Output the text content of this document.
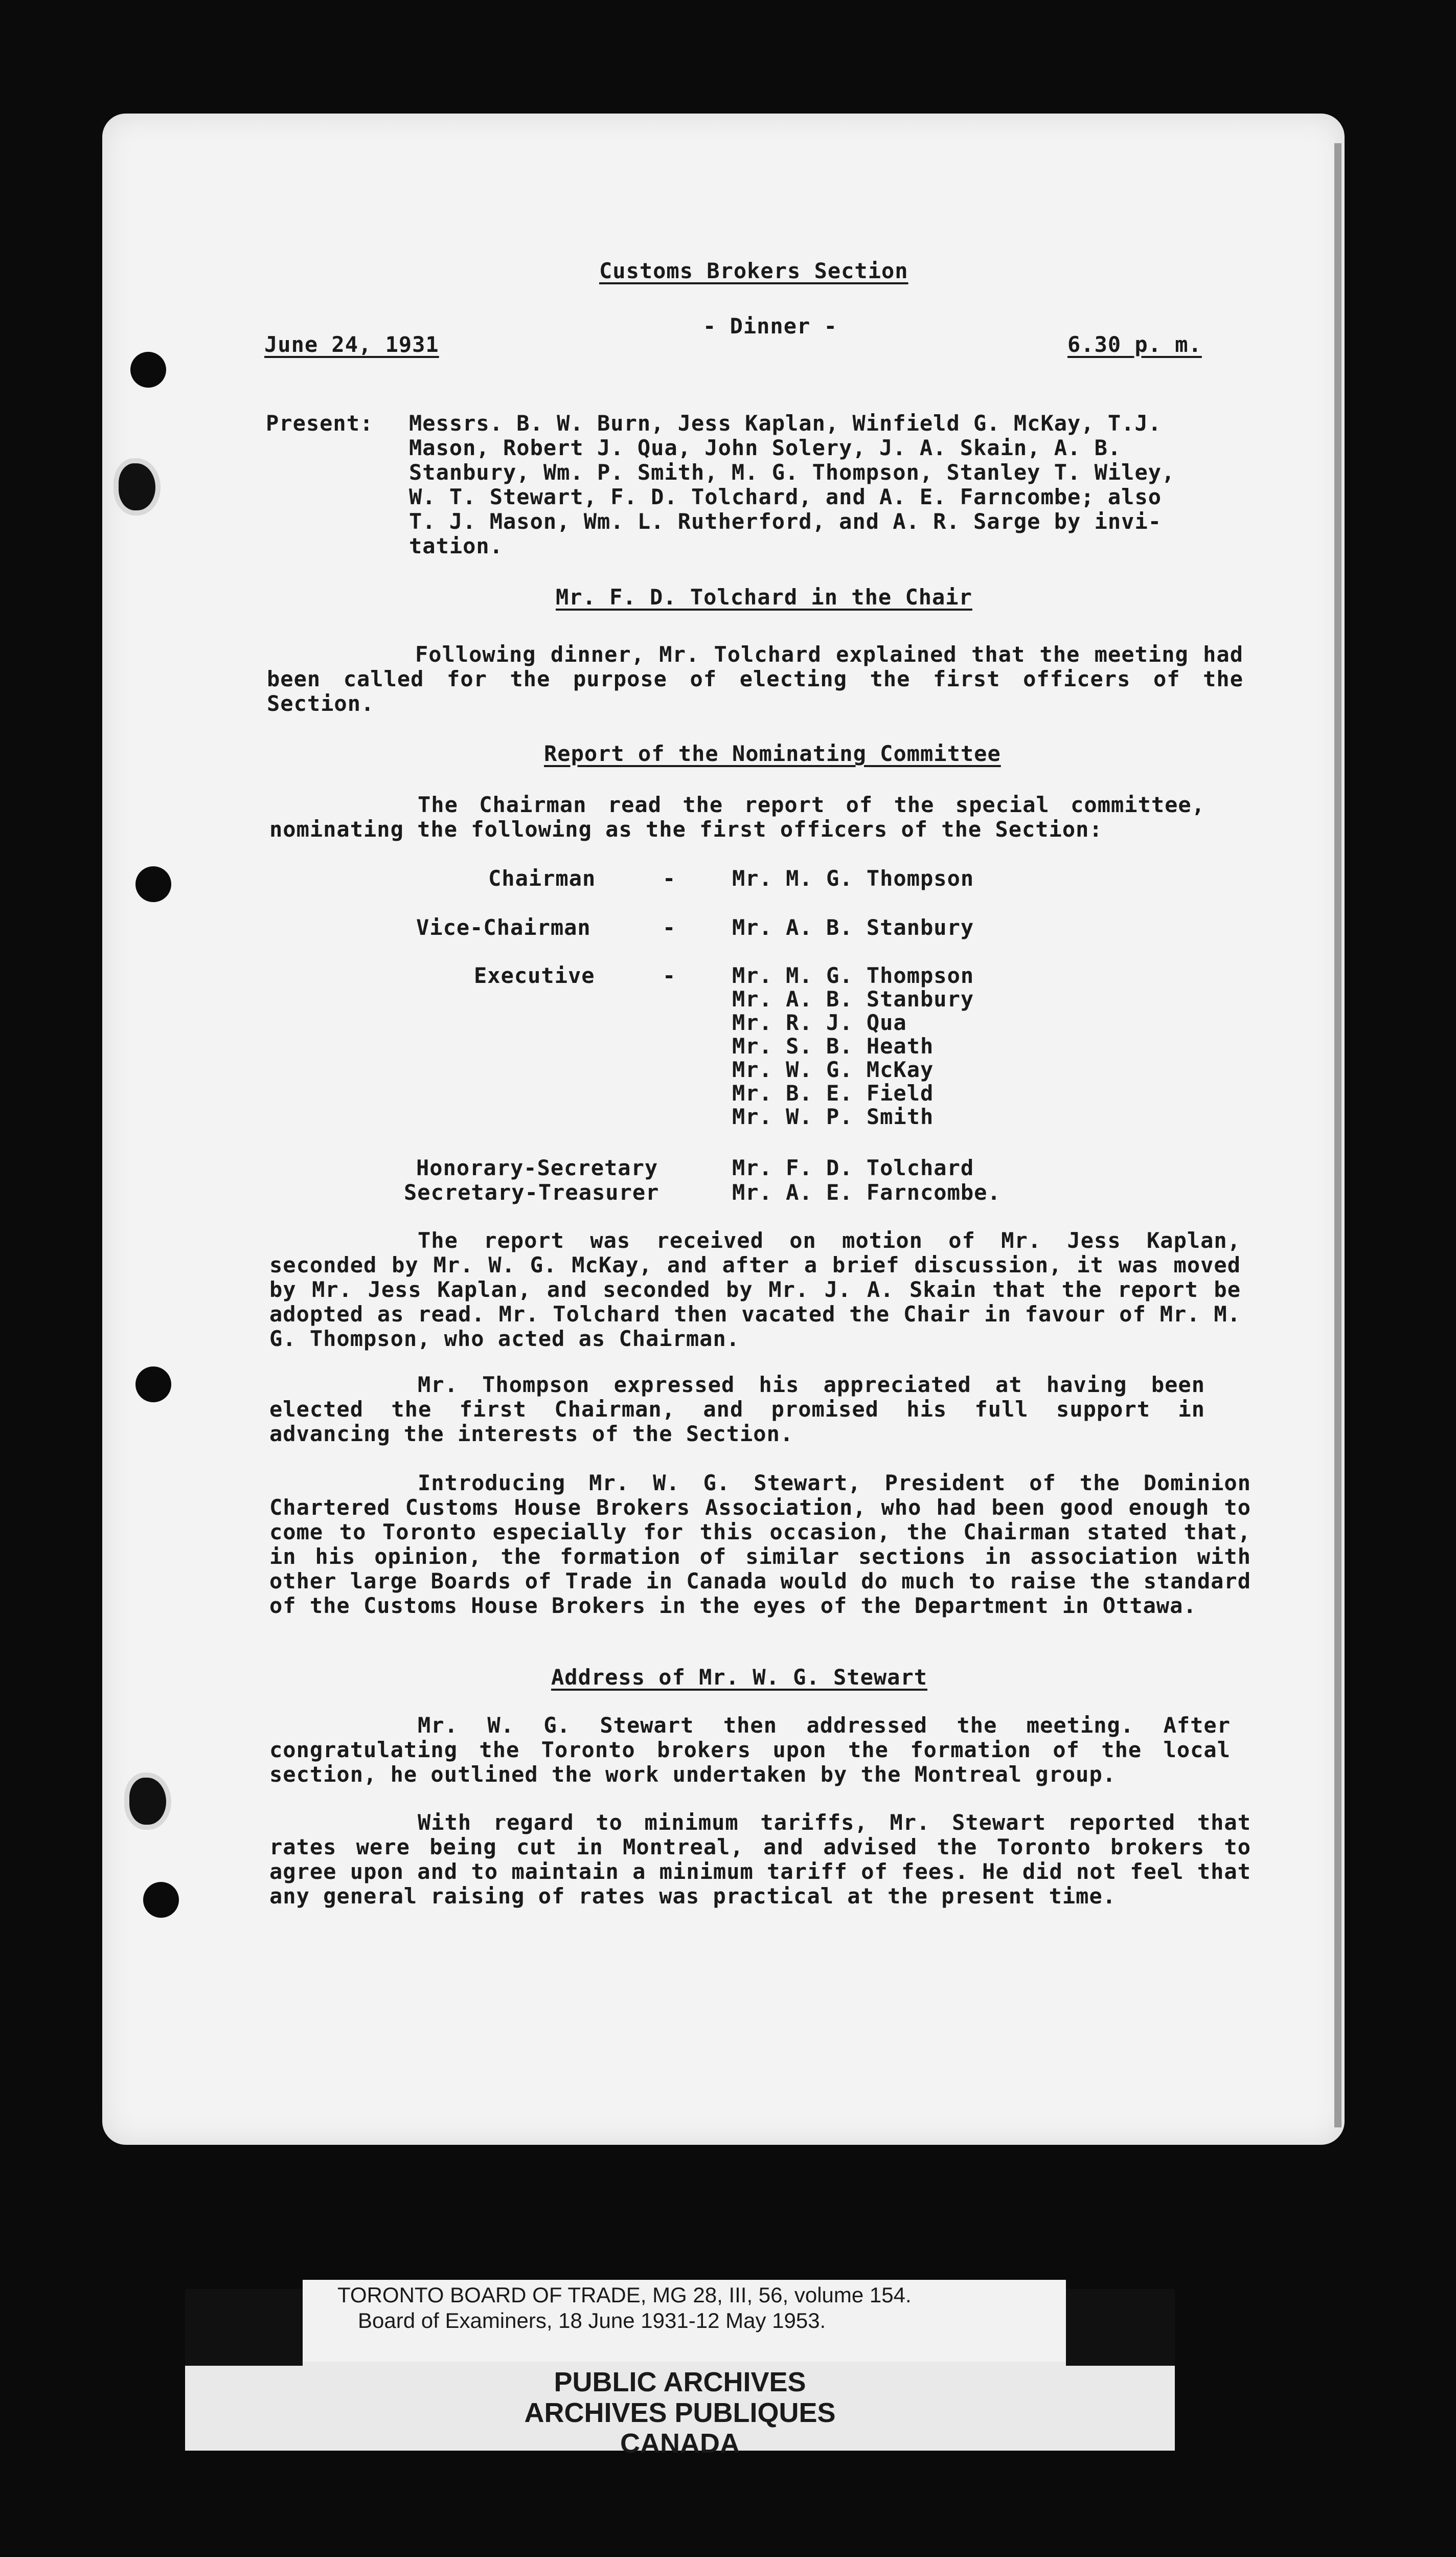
Customs Brokers Section
- Dinner -
June 24, 1931	6.30 p. m.
Present: Messrs. B. W. Burn, Jess Kaplan, Winfield G. McKay, T.J.
Mason, Robert J. Qua, John Solery, J. A. Skain, A. B.
Stanbury, Wm. P. Smith, M. G. Thompson, Stanley T. Wiley,
W. T. Stewart, F. D. Tolchard, and A. E. Farncombe; also
T. J. Mason, Wm. L. Rutherford, and A. R. Sarge by invi-
tation.
Mr. F. D. Tolchard in the Chair
Following dinner, Mr. Tolchard explained that the meeting had been called for the purpose of electing the first officers of the Section.
Report of the Nominating Committee
The Chairman read the report of the special committee, nominating the following as the first officers of the Section:
Chairman	-	Mr. M. G. Thompson
Vice-Chairman	-	Mr. A. B. Stanbury
Executive	-	Mr. M. G. Thompson
Mr. A. B. Stanbury
Mr. R. J. Qua
Mr. S. B. Heath
Mr. W. G. McKay
Mr. B. E. Field
Mr. W. P. Smith
Honorary-Secretary	Mr. F. D. Tolchard
Secretary-Treasurer	Mr. A. E. Farncombe.
The report was received on motion of Mr. Jess Kaplan, seconded by Mr. W. G. McKay, and after a brief discussion, it was moved by Mr. Jess Kaplan, and seconded by Mr. J. A. Skain that the report be adopted as read. Mr. Tolchard then vacated the Chair in favour of Mr. M. G. Thompson, who acted as Chairman.
Mr. Thompson expressed his appreciated at having been elected the first Chairman, and promised his full support in advancing the interests of the Section.
Introducing Mr. W. G. Stewart, President of the Dominion Chartered Customs House Brokers Association, who had been good enough to come to Toronto especially for this occasion, the Chairman stated that, in his opinion, the formation of similar sections in association with other large Boards of Trade in Canada would do much to raise the standard of the Customs House Brokers in the eyes of the Department in Ottawa.
Address of Mr. W. G. Stewart
Mr. W. G. Stewart then addressed the meeting. After congratulating the Toronto brokers upon the formation of the local section, he outlined the work undertaken by the Montreal group.
With regard to minimum tariffs, Mr. Stewart reported that rates were being cut in Montreal, and advised the Toronto brokers to agree upon and to maintain a minimum tariff of fees. He did not feel that any general raising of rates was practical at the present time.
TORONTO BOARD OF TRADE, MG 28, III, 56, volume 154.
Board of Examiners, 18 June 1931-12 May 1953.
PUBLIC ARCHIVES
ARCHIVES PUBLIQUES
CANADA
